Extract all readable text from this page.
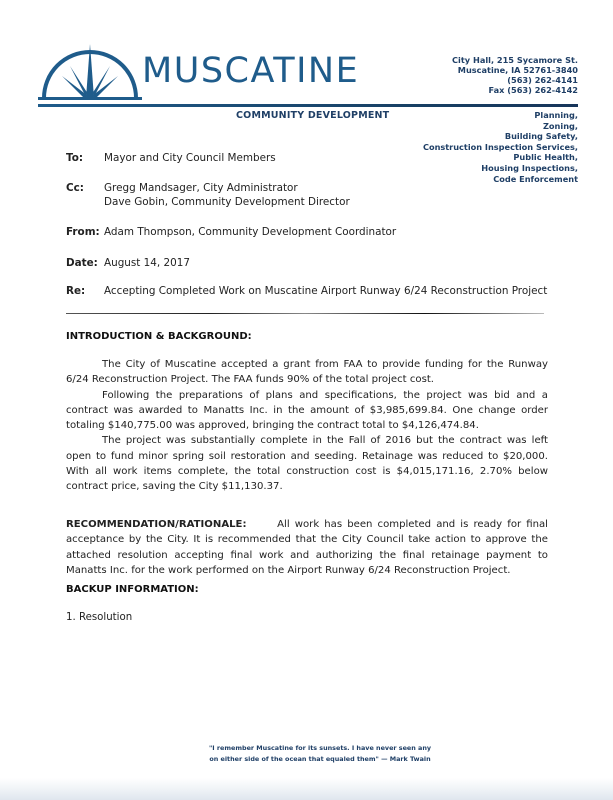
MUSCATINE
COMMUNITY DEVELOPMENT
City Hall, 215 Sycamore St.
Muscatine, IA 52761-3840
(563) 262-4141
Fax (563) 262-4142
Planning,
Zoning,
Building Safety,
Construction Inspection Services,
Public Health,
Housing Inspections,
Code Enforcement
To: Mayor and City Council Members
Cc: Gregg Mandsager, City Administrator
Dave Gobin, Community Development Director
From: Adam Thompson, Community Development Coordinator
Date: August 14, 2017
Re: Accepting Completed Work on Muscatine Airport Runway 6/24 Reconstruction Project
INTRODUCTION & BACKGROUND:

The City of Muscatine accepted a grant from FAA to provide funding for the Runway 6/24 Reconstruction Project. The FAA funds 90% of the total project cost.

Following the preparations of plans and specifications, the project was bid and a contract was awarded to Manatts Inc. in the amount of $3,985,699.84. One change order totaling $140,775.00 was approved, bringing the contract total to $4,126,474.84.

The project was substantially complete in the Fall of 2016 but the contract was left open to fund minor spring soil restoration and seeding. Retainage was reduced to $20,000. With all work items complete, the total construction cost is $4,015,171.16, 2.70% below contract price, saving the City $11,130.37.

RECOMMENDATION/RATIONALE:	All work has been completed and is ready for final acceptance by the City. It is recommended that the City Council take action to approve the attached resolution accepting final work and authorizing the final retainage payment to Manatts Inc. for the work performed on the Airport Runway 6/24 Reconstruction Project.
BACKUP INFORMATION:
1. Resolution
"I remember Muscatine for its sunsets. I have never seen any
on either side of the ocean that equaled them" — Mark Twain
